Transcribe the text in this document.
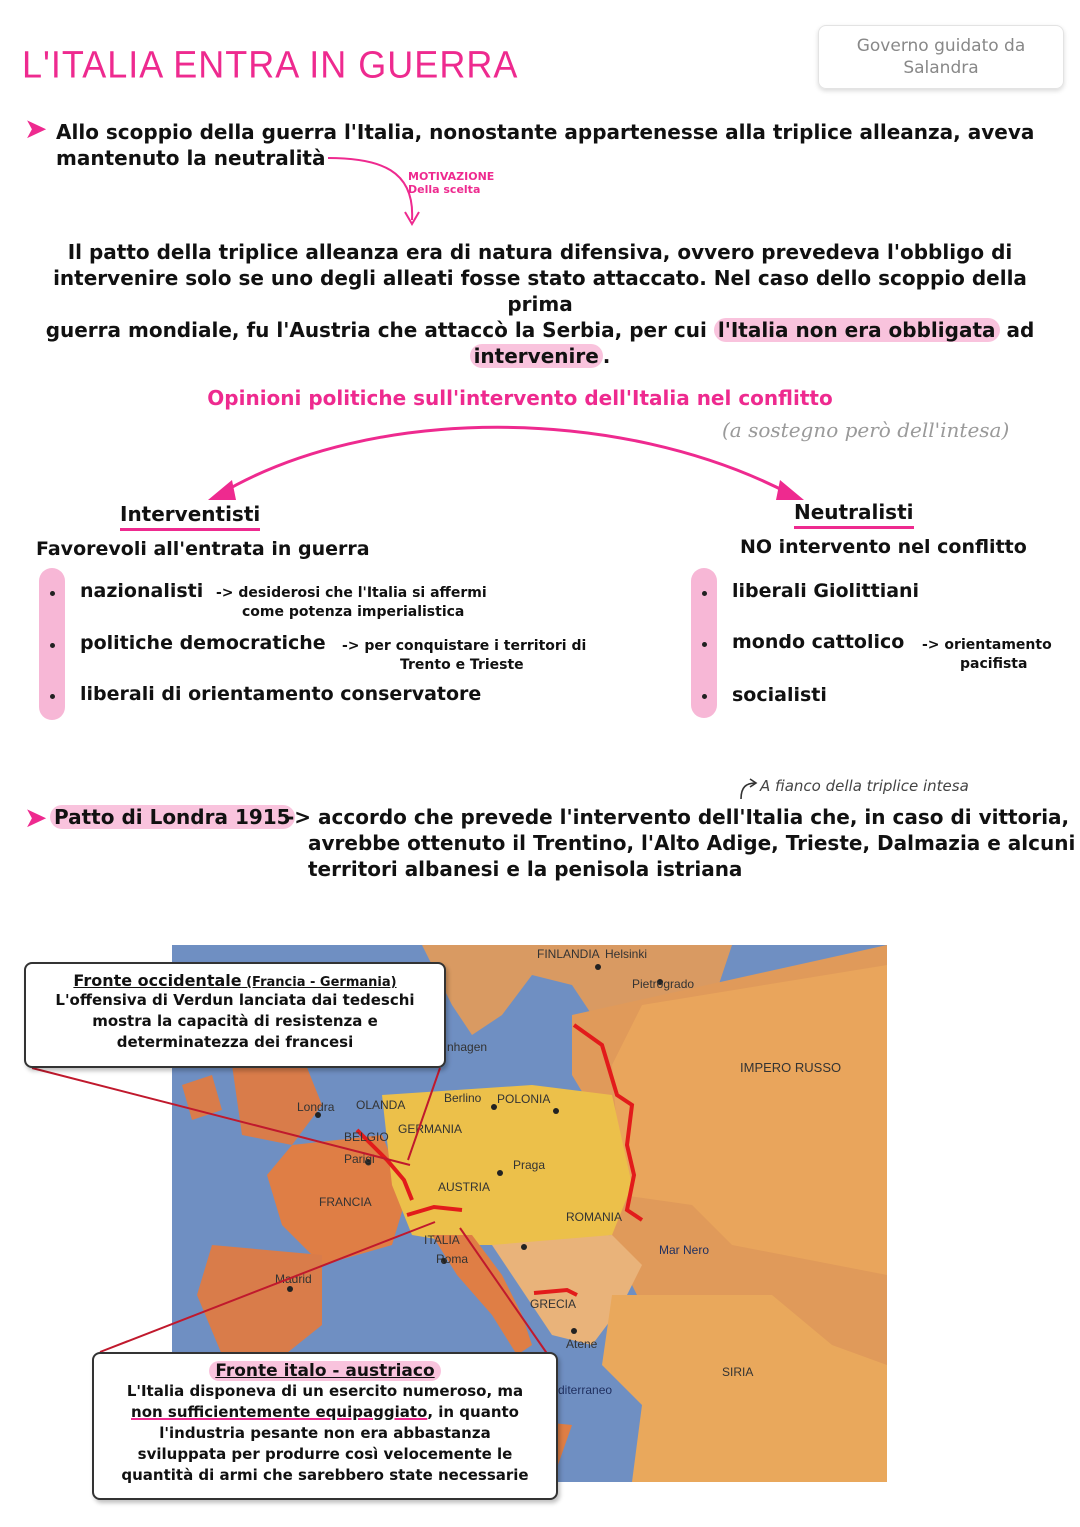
L'ITALIA ENTRA IN GUERRA	Governo guidato da
Salandra
➤ Allo scoppio della guerra l'Italia, nonostante appartenesse alla triplice alleanza, aveva
mantenuto la neutralità
MOTIVAZIONE
Della scelta
Il patto della triplice alleanza era di natura difensiva, ovvero prevedeva l'obbligo di
intervenire solo se uno degli alleati fosse stato attaccato. Nel caso dello scoppio della prima
guerra mondiale, fu l'Austria che attaccò la Serbia, per cui l'Italia non era obbligata ad
intervenire .
Opinioni politiche sull'intervento dell'Italia nel conflitto
(a sostegno però dell'intesa)
Interventisti
Favorevoli all'entrata in guerra
nazionalisti -> desiderosi che l'Italia si affermi
come potenza imperialistica
politiche democratiche -> per conquistare i territori di
Trento e Trieste
liberali di orientamento conservatore
Neutralisti
NO intervento nel conflitto
liberali Giolittiani
mondo cattolico -> orientamento
pacifista
socialisti
A fianco della triplice intesa
➤ Patto di Londra 1915
-> accordo che prevede l'intervento dell'Italia che, in caso di vittoria,
avrebbe ottenuto il Trentino, l'Alto Adige, Trieste, Dalmazia e alcuni
territori albanesi e la penisola istriana
FINLANDIA Helsinki
Pietrogrado
IMPERO RUSSO
Londra OLANDA	Berlino POLONIA
BELGIO
GERMANIA
Parigi	Praga
AUSTRIA
FRANCIA
ROMANIA
ITALIA
Roma
Mar Nero
Madrid
GRECIA
Atene
SIRIA
diterraneo
nhagen
Fronte occidentale (Francia - Germania)
L'offensiva di Verdun lanciata dai tedeschi
mostra la capacità di resistenza e
determinatezza dei francesi
Fronte italo - austriaco
L'Italia disponeva di un esercito numeroso, ma
non sufficientemente equipaggiato, in quanto
l'industria pesante non era abbastanza
sviluppata per produrre così velocemente le
quantità di armi che sarebbero state necessarie
